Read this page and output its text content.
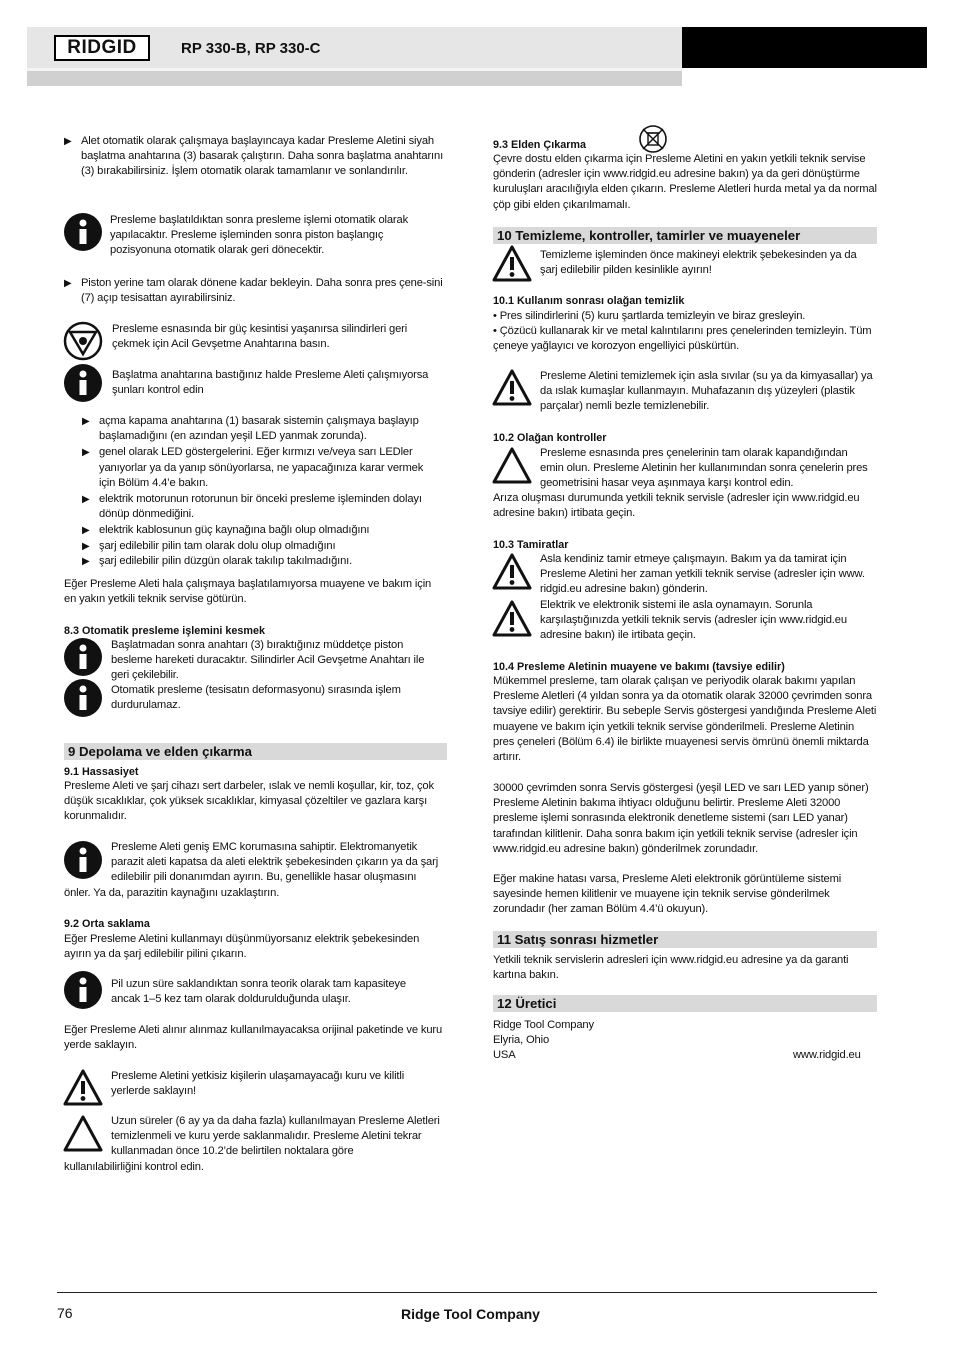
RIDGID	RP 330-B, RP 330-C
▶ Alet otomatik olarak çalışmaya başlayıncaya kadar Presleme Aletini siyah başlatma anahtarına (3) basarak çalıştırın. Daha sonra başlatma anahtarını (3) bırakabilirsiniz. İşlem otomatik olarak tamamlanır ve sonlandırılır.

Presleme başlatıldıktan sonra presleme işlemi otomatik olarak yapılacaktır. Presleme işleminden sonra piston başlangıç pozisyonuna otomatik olarak geri dönecektir.
▶ Piston yerine tam olarak dönene kadar bekleyin. Daha sonra pres çene-sini (7) açıp tesisattan ayırabilirsiniz.

Presleme esnasında bir güç kesintisi yaşanırsa silindirleri geri çekmek için Acil Gevşetme Anahtarına basın.
Başlatma anahtarına bastığınız halde Presleme Aleti çalışmıyorsa şunları kontrol edin
▶ açma kapama anahtarına (1) basarak sistemin çalışmaya başlayıp başlamadığını (en azından yeşil LED yanmak zorunda).

▶ genel olarak LED göstergelerini. Eğer kırmızı ve/veya sarı LEDler yanıyorlar ya da yanıp sönüyorlarsa, ne yapacağınıza karar vermek için Bölüm 4.4’e bakın.

▶ elektrik motorunun rotorunun bir önceki presleme işleminden dolayı dönüp dönmediğini.

▶ elektrik kablosunun güç kaynağına bağlı olup olmadığını

▶ şarj edilebilir pilin tam olarak dolu olup olmadığını

▶ şarj edilebilir pilin düzgün olarak takılıp takılmadığını.

Eğer Presleme Aleti hala çalışmaya başlatılamıyorsa muayene ve bakım için en yakın yetkili teknik servise götürün.
8.3 Otomatik presleme işlemini kesmek
Başlatmadan sonra anahtarı (3) bıraktığınız müddetçe piston besleme hareketi duracaktır. Silindirler Acil Gevşetme Anahtarı ile geri çekilebilir.
Otomatik presleme (tesisatın deformasyonu) sırasında işlem durdurulamaz.
9 Depolama ve elden çıkarma
9.1 Hassasiyet
Presleme Aleti ve şarj cihazı sert darbeler, ıslak ve nemli koşullar, kir, toz, çok düşük sıcaklıklar, çok yüksek sıcaklıklar, kimyasal çözeltiler ve gazlara karşı korunmalıdır.
Presleme Aleti geniş EMC korumasına sahiptir. Elektromanyetik parazit aleti kapatsa da aleti elektrik şebekesinden çıkarın ya da şarj edilebilir pili donanımdan ayırın. Bu, genellikle hasar oluşmasını
önler. Ya da, parazitin kaynağını uzaklaştırın.
9.2 Orta saklama
Eğer Presleme Aletini kullanmayı düşünmüyorsanız elektrik şebekesinden ayırın ya da şarj edilebilir pilini çıkarın.
Pil uzun süre saklandıktan sonra teorik olarak tam kapasiteye ancak 1–5 kez tam olarak doldurulduğunda ulaşır.
Eğer Presleme Aleti alınır alınmaz kullanılmayacaksa orijinal paketinde ve kuru yerde saklayın.
Presleme Aletini yetkisiz kişilerin ulaşamayacağı kuru ve kilitli yerlerde saklayın!
Uzun süreler (6 ay ya da daha fazla) kullanılmayan Presleme Aletleri temizlenmeli ve kuru yerde saklanmalıdır. Presleme Aletini tekrar kullanmadan önce 10.2’de belirtilen noktalara göre
kullanılabilirliğini kontrol edin.
9.3 Elden Çıkarma
Çevre dostu elden çıkarma için Presleme Aletini en yakın yetkili teknik servise gönderin (adresler için www.ridgid.eu adresine bakın) ya da geri dönüştürme kuruluşları aracılığıyla elden çıkarın. Presleme Aletleri hurda metal ya da normal çöp gibi elden çıkarılmamalı.
10 Temizleme, kontroller, tamirler ve muayeneler
Temizleme işleminden önce makineyi elektrik şebekesinden ya da şarj edilebilir pilden kesinlikle ayırın!
10.1 Kullanım sonrası olağan temizlik
• Pres silindirlerini (5) kuru şartlarda temizleyin ve biraz gresleyin.
• Çözücü kullanarak kir ve metal kalıntılarını pres çenelerinden temizleyin. Tüm çeneye yağlayıcı ve korozyon engelliyici püskürtün.
Presleme Aletini temizlemek için asla sıvılar (su ya da kimyasallar) ya da ıslak kumaşlar kullanmayın. Muhafazanın dış yüzeyleri (plastik parçalar) nemli bezle temizlenebilir.
10.2 Olağan kontroller
Presleme esnasında pres çenelerinin tam olarak kapandığından emin olun. Presleme Aletinin her kullanımından sonra çenelerin pres geometrisini hasar veya aşınmaya karşı kontrol edin.
Arıza oluşması durumunda yetkili teknik servisle (adresler için www.ridgid.eu adresine bakın) irtibata geçin.
10.3 Tamiratlar
Asla kendiniz tamir etmeye çalışmayın. Bakım ya da tamirat için Presleme Aletini her zaman yetkili teknik servise (adresler için www. ridgid.eu adresine bakın) gönderin.
Elektrik ve elektronik sistemi ile asla oynamayın. Sorunla karşılaştığınızda yetkili teknik servis (adresler için www.ridgid.eu adresine bakın) ile irtibata geçin.
10.4 Presleme Aletinin muayene ve bakımı (tavsiye edilir)
Mükemmel presleme, tam olarak çalışan ve periyodik olarak bakımı yapılan Presleme Aletleri (4 yıldan sonra ya da otomatik olarak 32000 çevrimden sonra tavsiye edilir) gerektirir. Bu sebeple Servis göstergesi yandığında Presleme Aleti muayene ve bakım için yetkili teknik servise gönderilmeli. Presleme Aletinin pres çeneleri (Bölüm 6.4) ile birlikte muayenesi servis ömrünü önemli miktarda artırır.
30000 çevrimden sonra Servis göstergesi (yeşil LED ve sarı LED yanıp söner) Presleme Aletinin bakıma ihtiyacı olduğunu belirtir. Presleme Aleti 32000 presleme işlemi sonrasında elektronik denetleme sistemi (sarı LED yanar) tarafından kilitlenir. Daha sonra bakım için yetkili teknik servise (adresler için www.ridgid.eu adresine bakın) gönderilmek zorundadır.
Eğer makine hatası varsa, Presleme Aleti elektronik görüntüleme sistemi sayesinde hemen kilitlenir ve muayene için teknik servise gönderilmek zorundadır (her zaman Bölüm 4.4’ü okuyun).
11 Satış sonrası hizmetler
Yetkili teknik servislerin adresleri için www.ridgid.eu adresine ya da garanti kartına bakın.
12 Üretici
Ridge Tool Company
Elyria, Ohio
USA	www.ridgid.eu
76	Ridge Tool Company
